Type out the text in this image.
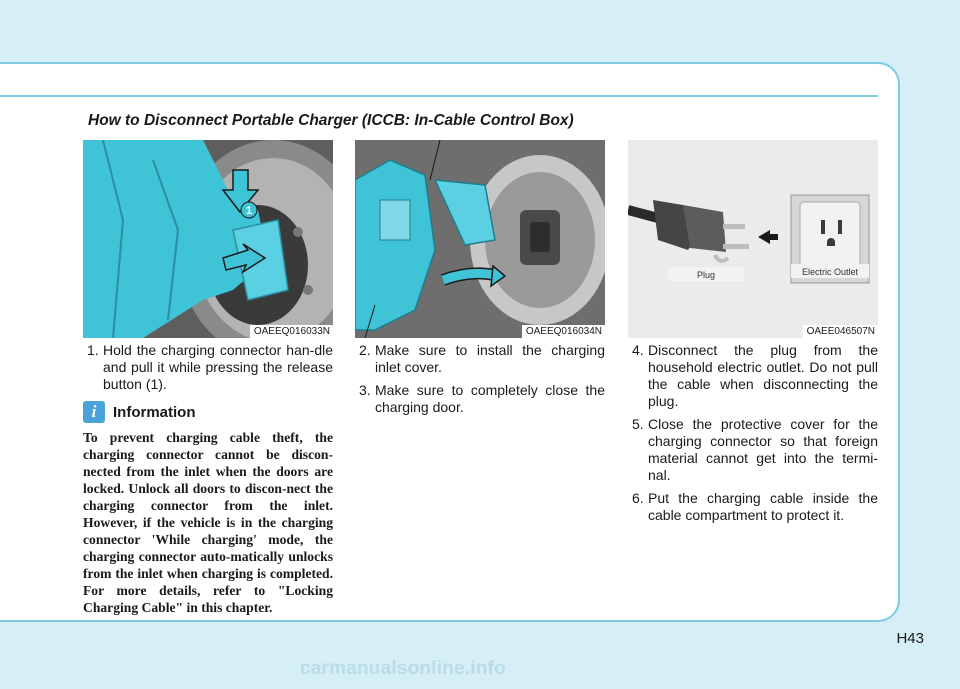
How to Disconnect Portable Charger (ICCB: In-Cable Control Box)
1
OAEEQ016033N	OAEEQ016034N
Plug	Electric Outlet
OAEE046507N
1. Hold the charging connector han-dle and pull it while pressing the release button (1).
i	Information
To prevent charging cable theft, the charging connector cannot be discon-nected from the inlet when the doors are locked. Unlock all doors to discon-nect the charging connector from the inlet. However, if the vehicle is in the charging connector 'While charging' mode, the charging connector auto-matically unlocks from the inlet when charging is completed. For more details, refer to "Locking Charging Cable" in this chapter.
2. Make sure to install the charging inlet cover.
3. Make sure to completely close the charging door.
4. Disconnect the plug from the household electric outlet. Do not pull the cable when disconnecting the plug.
5. Close the protective cover for the charging connector so that foreign material cannot get into the termi-nal.
6. Put the charging cable inside the cable compartment to protect it.
H43
carmanualsonline.info
